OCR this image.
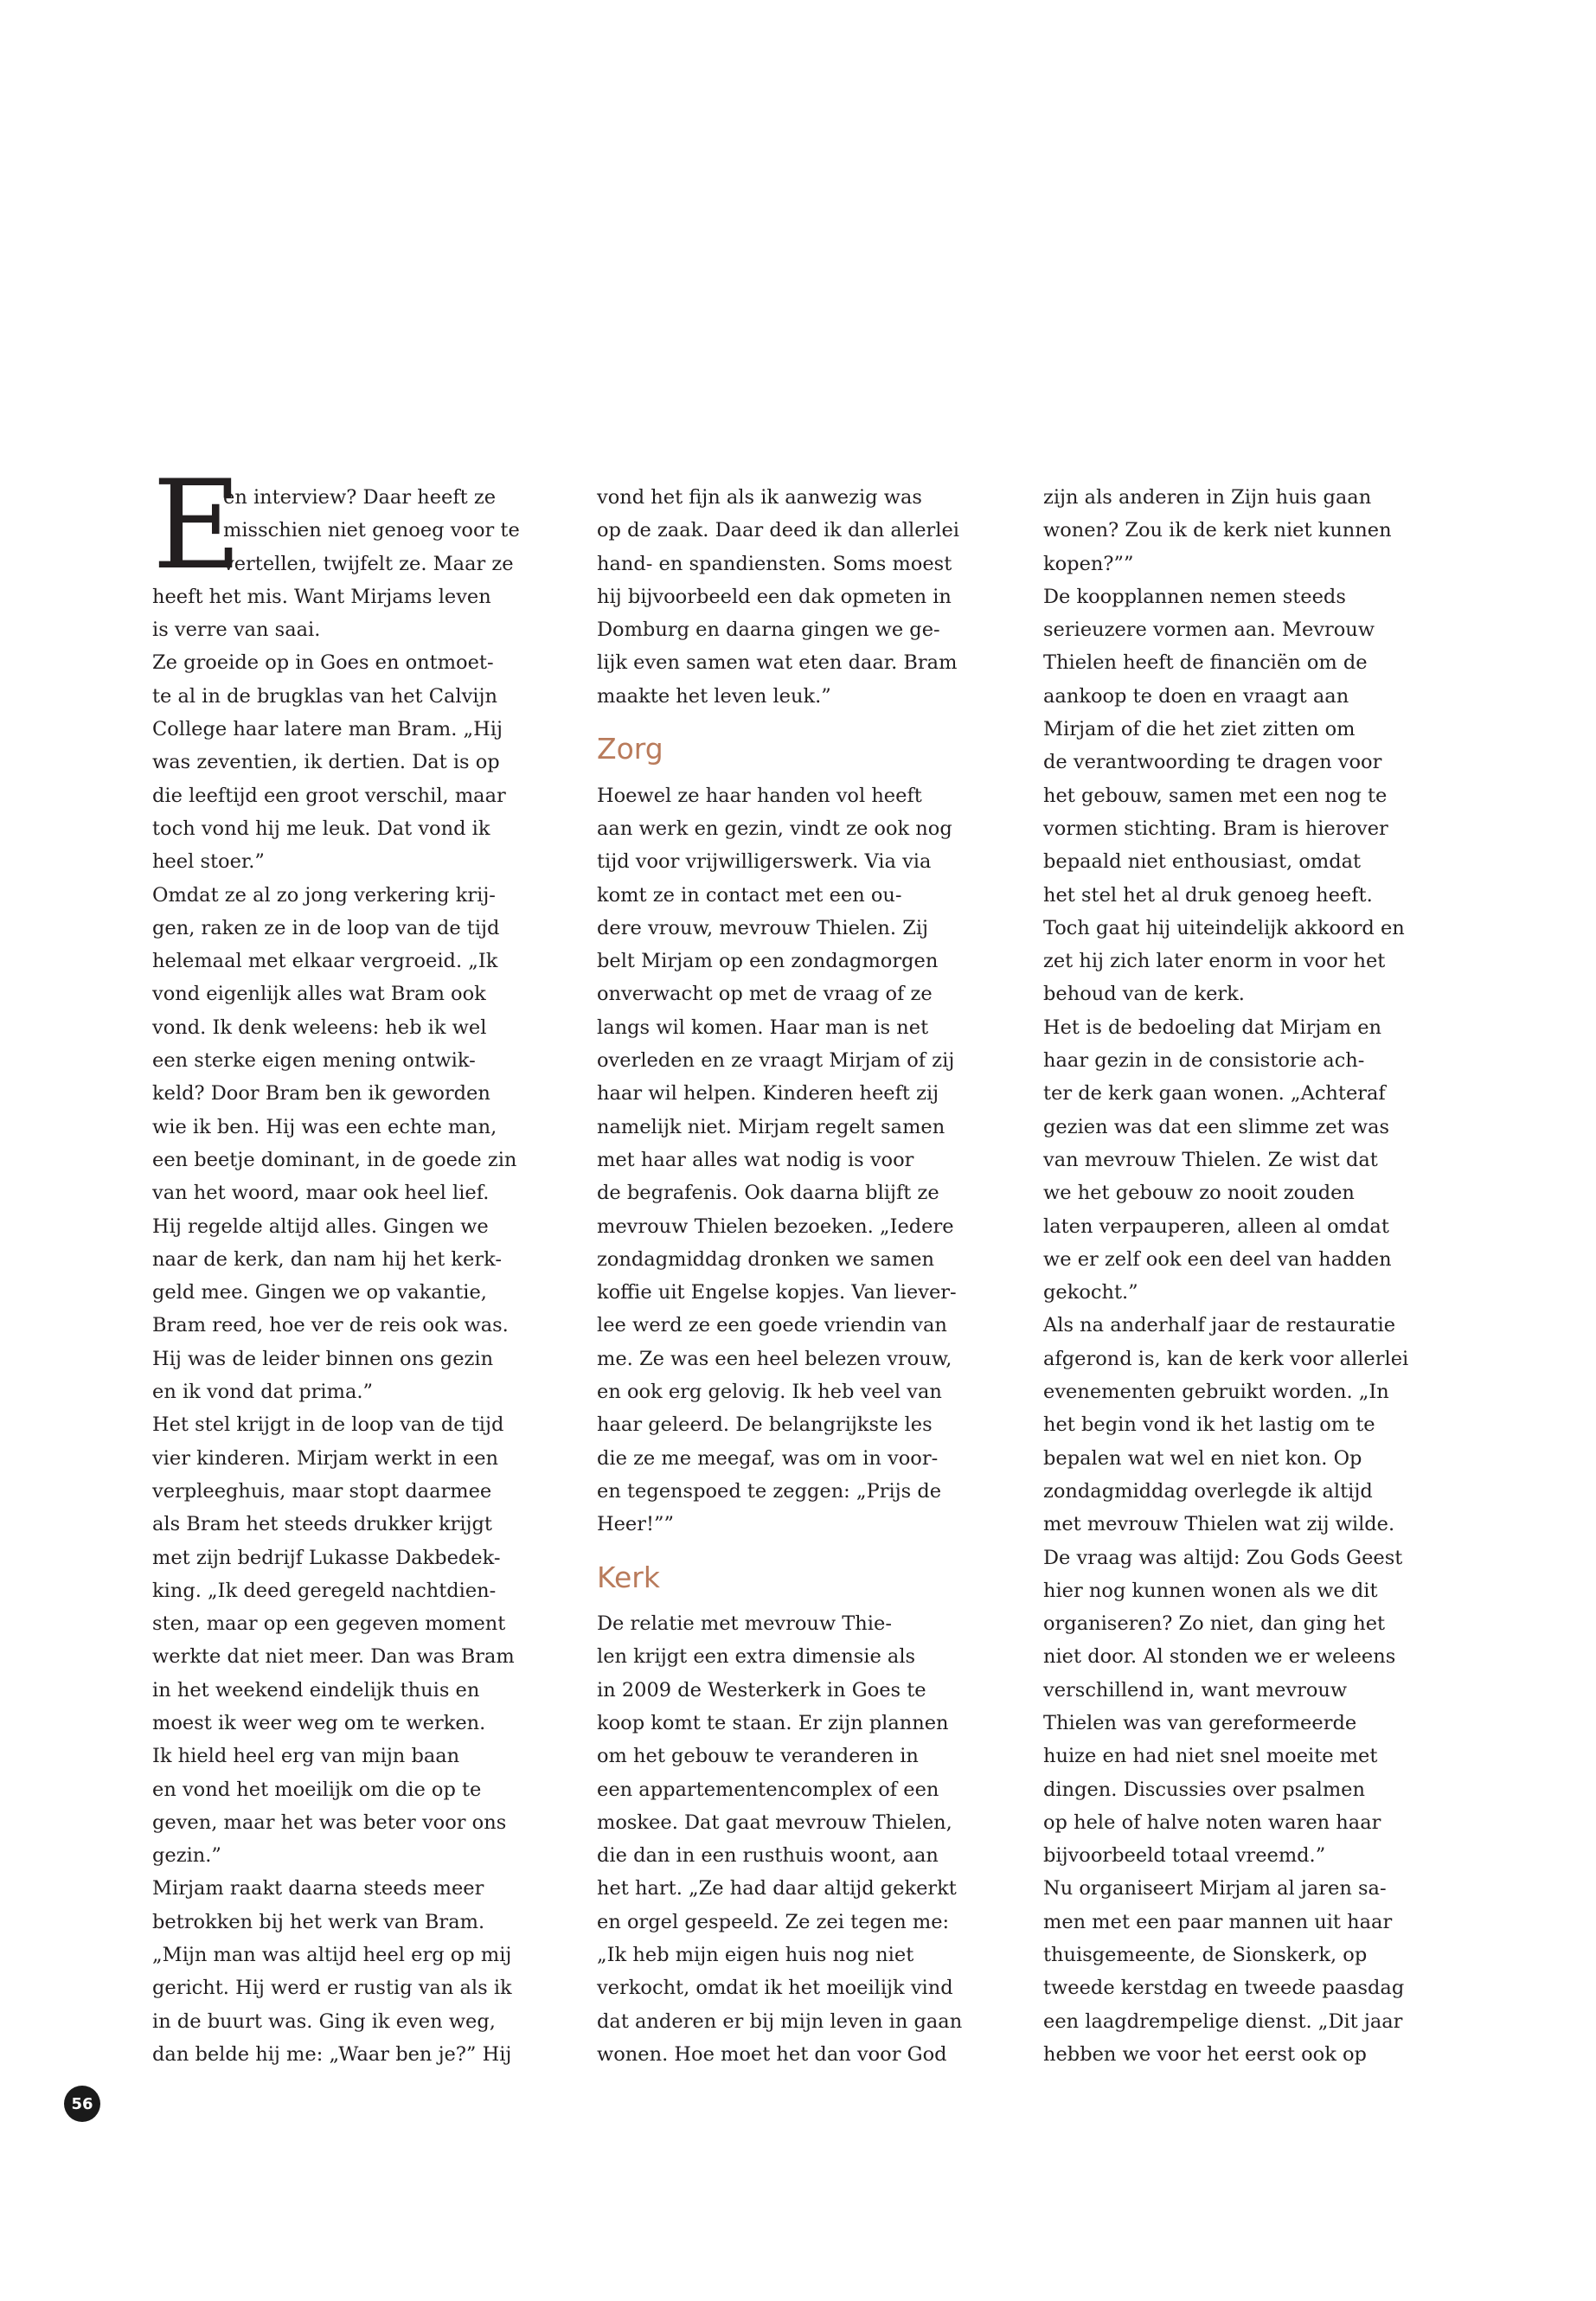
E
en interview? Daar heeft ze
misschien niet genoeg voor te
vertellen, twijfelt ze. Maar ze
heeft het mis. Want Mirjams leven
is verre van saai.
Ze groeide op in Goes en ontmoet-
te al in de brugklas van het Calvijn
College haar latere man Bram. „Hij
was zeventien, ik dertien. Dat is op
die leeftijd een groot verschil, maar
toch vond hij me leuk. Dat vond ik
heel stoer.”
Omdat ze al zo jong verkering krij-
gen, raken ze in de loop van de tijd
helemaal met elkaar vergroeid. „Ik
vond eigenlijk alles wat Bram ook
vond. Ik denk weleens: heb ik wel
een sterke eigen mening ontwik-
keld? Door Bram ben ik geworden
wie ik ben. Hij was een echte man,
een beetje dominant, in de goede zin
van het woord, maar ook heel lief.
Hij regelde altijd alles. Gingen we
naar de kerk, dan nam hij het kerk-
geld mee. Gingen we op vakantie,
Bram reed, hoe ver de reis ook was.
Hij was de leider binnen ons gezin
en ik vond dat prima.”
Het stel krijgt in de loop van de tijd
vier kinderen. Mirjam werkt in een
verpleeghuis, maar stopt daarmee
als Bram het steeds drukker krijgt
met zijn bedrijf Lukasse Dakbedek-
king. „Ik deed geregeld nachtdien-
sten, maar op een gegeven moment
werkte dat niet meer. Dan was Bram
in het weekend eindelijk thuis en
moest ik weer weg om te werken.
Ik hield heel erg van mijn baan
en vond het moeilijk om die op te
geven, maar het was beter voor ons
gezin.”
Mirjam raakt daarna steeds meer
betrokken bij het werk van Bram.
„Mijn man was altijd heel erg op mij
gericht. Hij werd er rustig van als ik
in de buurt was. Ging ik even weg,
dan belde hij me: „Waar ben je?” Hij
vond het fijn als ik aanwezig was
op de zaak. Daar deed ik dan allerlei
hand- en spandiensten. Soms moest
hij bijvoorbeeld een dak opmeten in
Domburg en daarna gingen we ge-
lijk even samen wat eten daar. Bram
maakte het leven leuk.”
Zorg
Hoewel ze haar handen vol heeft
aan werk en gezin, vindt ze ook nog
tijd voor vrijwilligerswerk. Via via
komt ze in contact met een ou-
dere vrouw, mevrouw Thielen. Zij
belt Mirjam op een zondagmorgen
onverwacht op met de vraag of ze
langs wil komen. Haar man is net
overleden en ze vraagt Mirjam of zij
haar wil helpen. Kinderen heeft zij
namelijk niet. Mirjam regelt samen
met haar alles wat nodig is voor
de begrafenis. Ook daarna blijft ze
mevrouw Thielen bezoeken. „Iedere
zondagmiddag dronken we samen
koffie uit Engelse kopjes. Van liever-
lee werd ze een goede vriendin van
me. Ze was een heel belezen vrouw,
en ook erg gelovig. Ik heb veel van
haar geleerd. De belangrijkste les
die ze me meegaf, was om in voor-
en tegenspoed te zeggen: „Prijs de
Heer!””
Kerk
De relatie met mevrouw Thie-
len krijgt een extra dimensie als
in 2009 de Westerkerk in Goes te
koop komt te staan. Er zijn plannen
om het gebouw te veranderen in
een appartementencomplex of een
moskee. Dat gaat mevrouw Thielen,
die dan in een rusthuis woont, aan
het hart. „Ze had daar altijd gekerkt
en orgel gespeeld. Ze zei tegen me:
„Ik heb mijn eigen huis nog niet
verkocht, omdat ik het moeilijk vind
dat anderen er bij mijn leven in gaan
wonen. Hoe moet het dan voor God
zijn als anderen in Zijn huis gaan
wonen? Zou ik de kerk niet kunnen
kopen?””
De koopplannen nemen steeds
serieuzere vormen aan. Mevrouw
Thielen heeft de financiën om de
aankoop te doen en vraagt aan
Mirjam of die het ziet zitten om
de verantwoording te dragen voor
het gebouw, samen met een nog te
vormen stichting. Bram is hierover
bepaald niet enthousiast, omdat
het stel het al druk genoeg heeft.
Toch gaat hij uiteindelijk akkoord en
zet hij zich later enorm in voor het
behoud van de kerk.
Het is de bedoeling dat Mirjam en
haar gezin in de consistorie ach-
ter de kerk gaan wonen. „Achteraf
gezien was dat een slimme zet was
van mevrouw Thielen. Ze wist dat
we het gebouw zo nooit zouden
laten verpauperen, alleen al omdat
we er zelf ook een deel van hadden
gekocht.”
Als na anderhalf jaar de restauratie
afgerond is, kan de kerk voor allerlei
evenementen gebruikt worden. „In
het begin vond ik het lastig om te
bepalen wat wel en niet kon. Op
zondagmiddag overlegde ik altijd
met mevrouw Thielen wat zij wilde.
De vraag was altijd: Zou Gods Geest
hier nog kunnen wonen als we dit
organiseren? Zo niet, dan ging het
niet door. Al stonden we er weleens
verschillend in, want mevrouw
Thielen was van gereformeerde
huize en had niet snel moeite met
dingen. Discussies over psalmen
op hele of halve noten waren haar
bijvoorbeeld totaal vreemd.”
Nu organiseert Mirjam al jaren sa-
men met een paar mannen uit haar
thuisgemeente, de Sionskerk, op
tweede kerstdag en tweede paasdag
een laagdrempelige dienst. „Dit jaar
hebben we voor het eerst ook op
56
